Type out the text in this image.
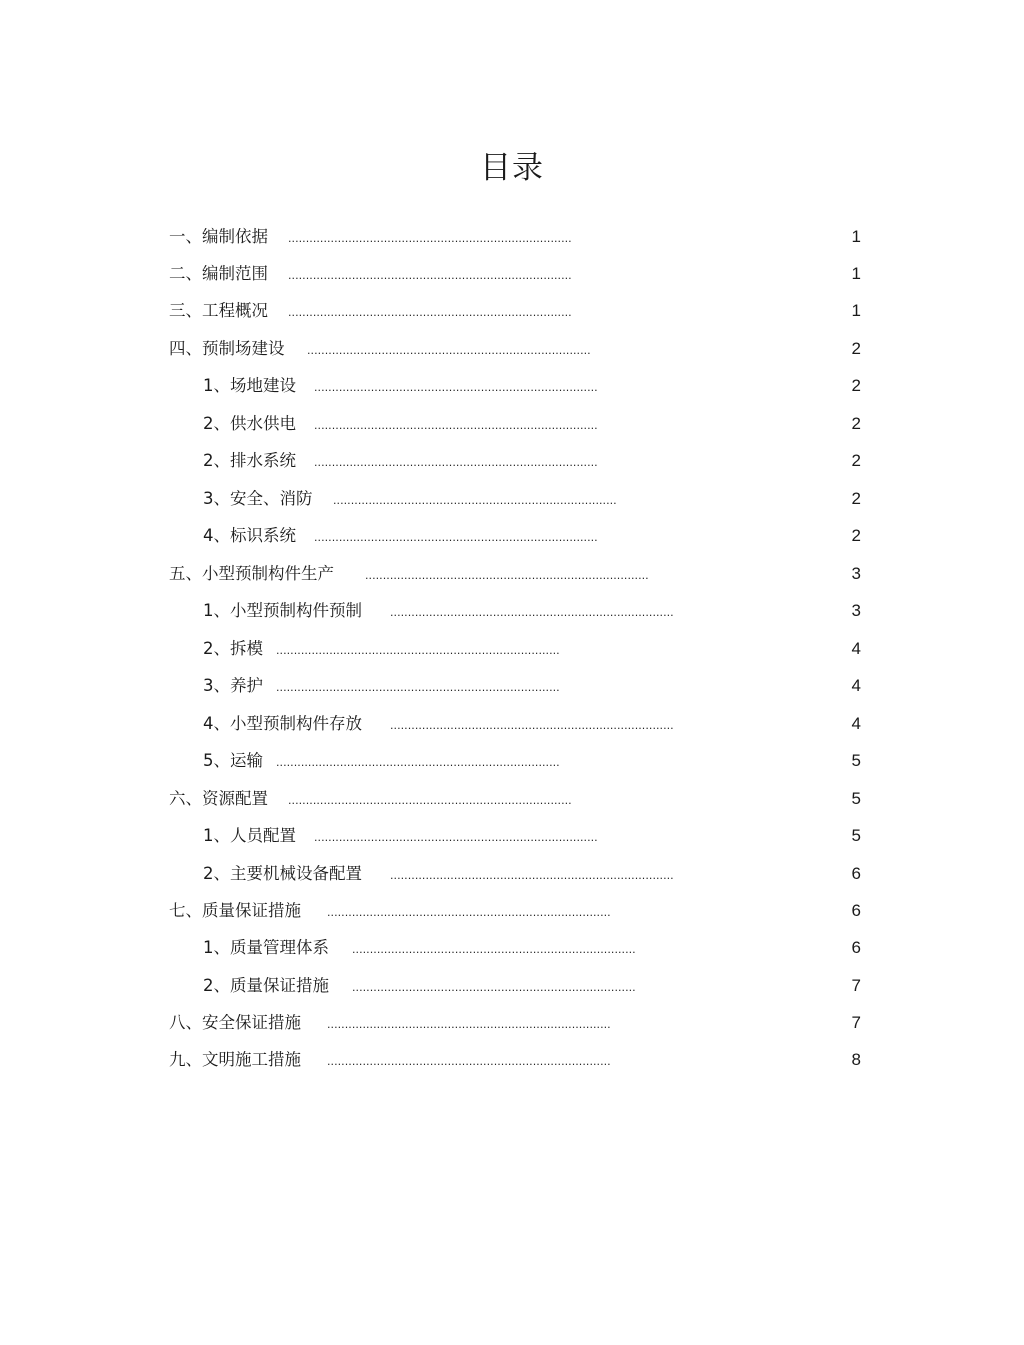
目录
一、编制依据 ................................................................................	1
二、编制范围 ................................................................................	1
三、工程概况 ................................................................................	1
四、预制场建设 ................................................................................	2
1、场地建设 ................................................................................	2
2、供水供电 ................................................................................	2
2、排水系统 ................................................................................	2
3、安全、消防 ................................................................................	2
4、标识系统 ................................................................................	2
五、小型预制构件生产	................................................................................	3
1、小型预制构件预制	................................................................................	3
2、拆模 ................................................................................	4
3、养护 ................................................................................	4
4、小型预制构件存放	................................................................................	4
5、运输 ................................................................................	5
六、资源配置 ................................................................................	5
1、人员配置 ................................................................................	5
2、主要机械设备配置	................................................................................	6
七、质量保证措施 ................................................................................	6
1、质量管理体系 ................................................................................	6
2、质量保证措施 ................................................................................	7
八、安全保证措施 ................................................................................	7
九、文明施工措施 ................................................................................	8
